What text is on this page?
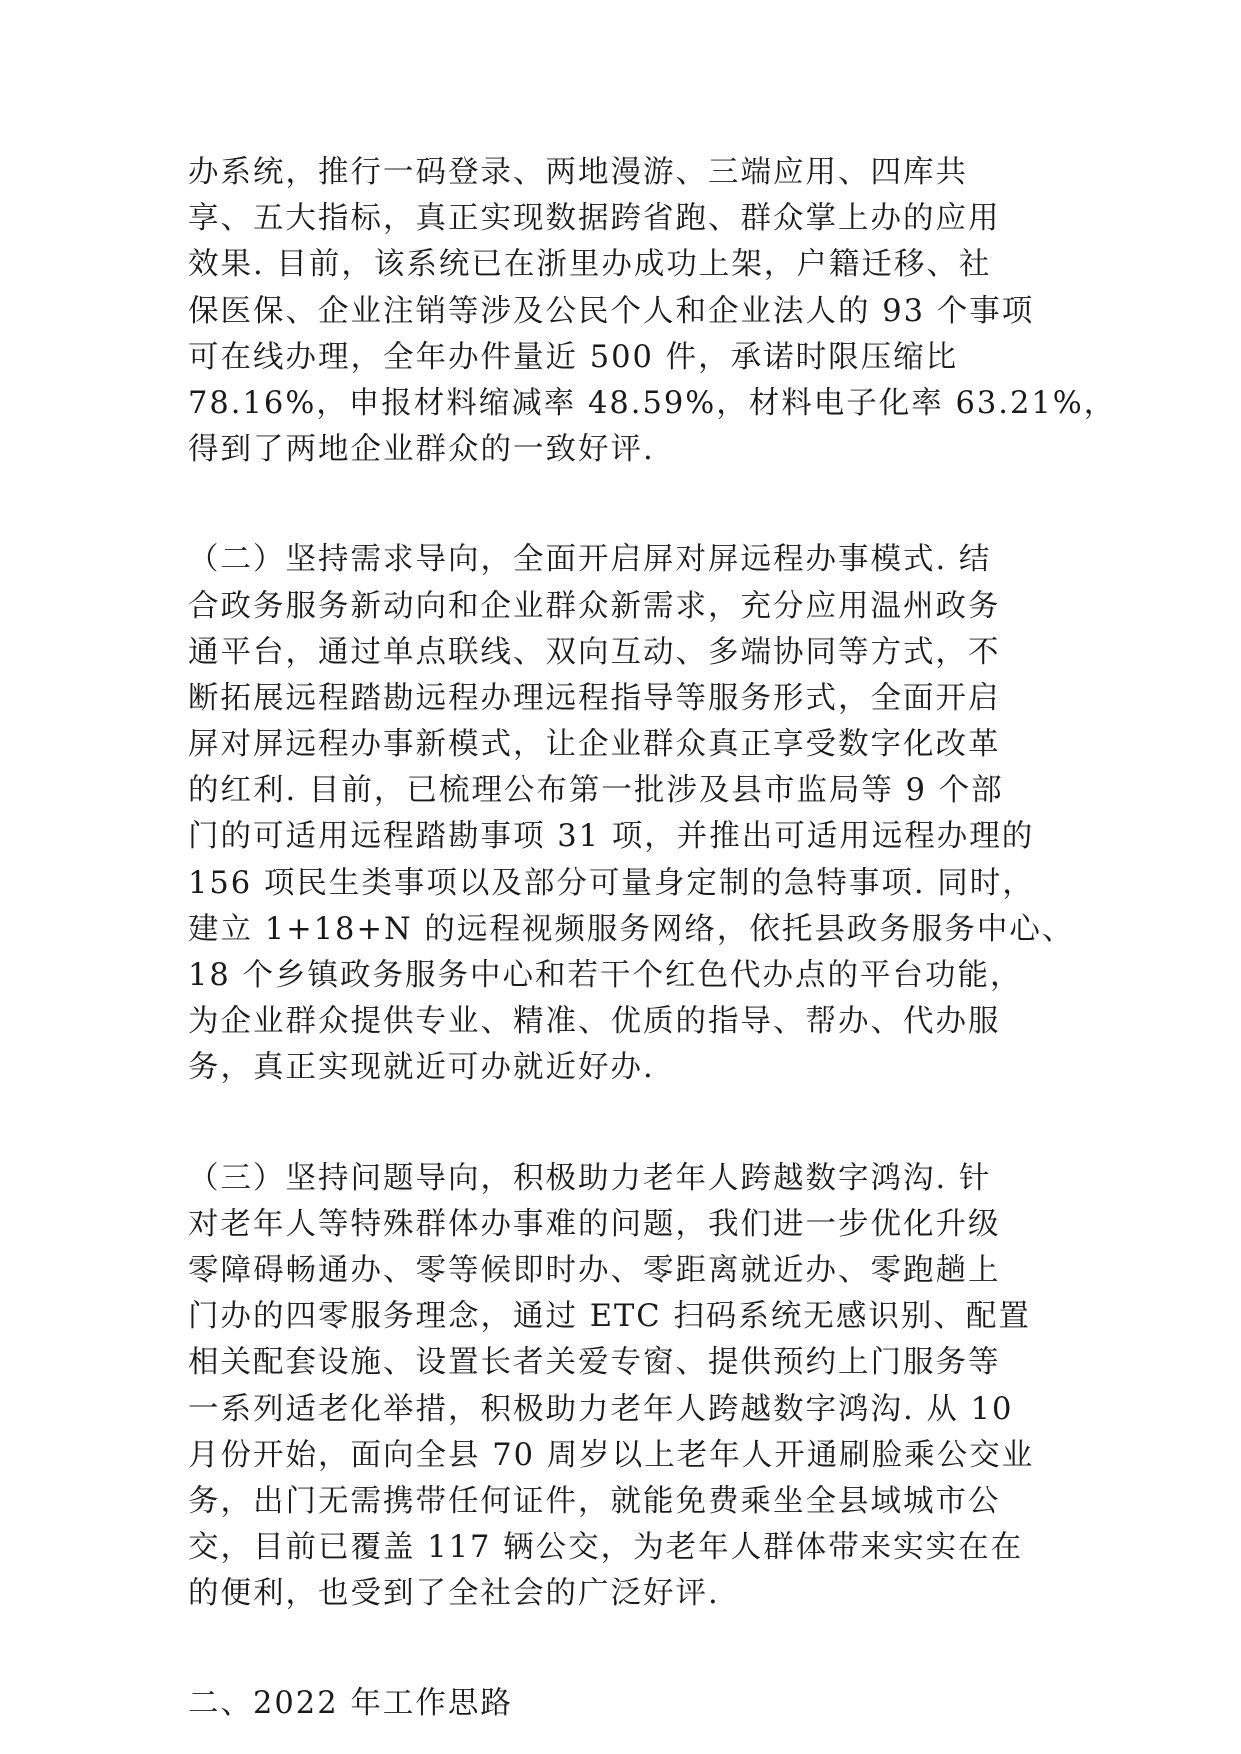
办系统，推行一码登录、两地漫游、三端应用、四库共
享、五大指标，真正实现数据跨省跑、群众掌上办的应用
效果. 目前，该系统已在浙里办成功上架，户籍迁移、社
保医保、企业注销等涉及公民个人和企业法人的 93 个事项
可在线办理，全年办件量近 500 件，承诺时限压缩比
78.16%，申报材料缩减率 48.59%，材料电子化率 63.21%，
得到了两地企业群众的一致好评.
（二）坚持需求导向，全面开启屏对屏远程办事模式. 结
合政务服务新动向和企业群众新需求，充分应用温州政务
通平台，通过单点联线、双向互动、多端协同等方式，不
断拓展远程踏勘远程办理远程指导等服务形式，全面开启
屏对屏远程办事新模式，让企业群众真正享受数字化改革
的红利. 目前，已梳理公布第一批涉及县市监局等 9 个部
门的可适用远程踏勘事项 31 项，并推出可适用远程办理的
156 项民生类事项以及部分可量身定制的急特事项. 同时，
建立 1+18+N 的远程视频服务网络，依托县政务服务中心、
18 个乡镇政务服务中心和若干个红色代办点的平台功能，
为企业群众提供专业、精准、优质的指导、帮办、代办服
务，真正实现就近可办就近好办.
（三）坚持问题导向，积极助力老年人跨越数字鸿沟. 针
对老年人等特殊群体办事难的问题，我们进一步优化升级
零障碍畅通办、零等候即时办、零距离就近办、零跑趟上
门办的四零服务理念，通过 ETC 扫码系统无感识别、配置
相关配套设施、设置长者关爱专窗、提供预约上门服务等
一系列适老化举措，积极助力老年人跨越数字鸿沟. 从 10
月份开始，面向全县 70 周岁以上老年人开通刷脸乘公交业
务，出门无需携带任何证件，就能免费乘坐全县域城市公
交，目前已覆盖 117 辆公交，为老年人群体带来实实在在
的便利，也受到了全社会的广泛好评.
二、2022 年工作思路
